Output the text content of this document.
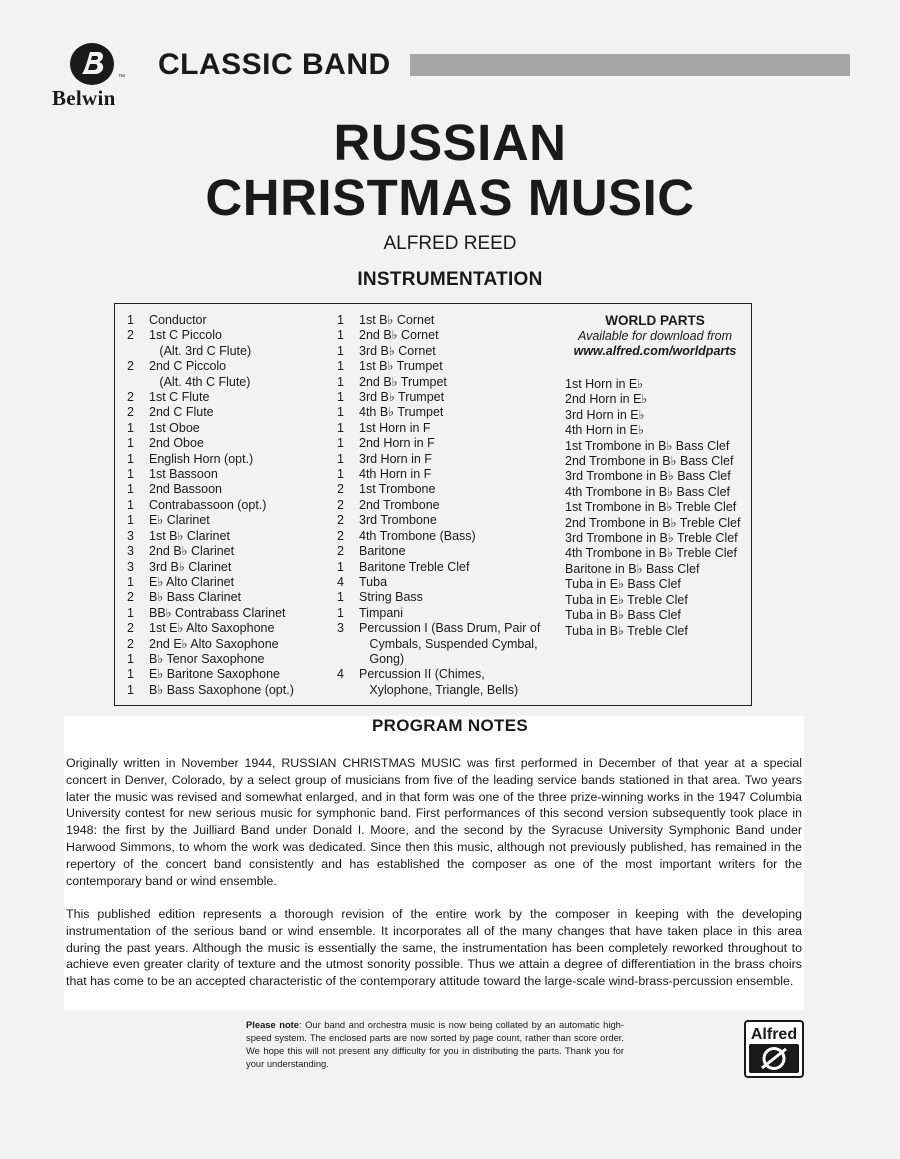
™
Belwin
CLASSIC BAND
RUSSIAN
CHRISTMAS MUSIC
ALFRED REED
INSTRUMENTATION
1	Conductor
2	1st C Piccolo
(Alt. 3rd C Flute)
2	2nd C Piccolo
(Alt. 4th C Flute)
2	1st C Flute
2	2nd C Flute
1	1st Oboe
1	2nd Oboe
1	English Horn (opt.)
1	1st Bassoon
1	2nd Bassoon
1	Contrabassoon (opt.)
1	E♭ Clarinet
3	1st B♭ Clarinet
3	2nd B♭ Clarinet
3	3rd B♭ Clarinet
1	E♭ Alto Clarinet
2	B♭ Bass Clarinet
1	BB♭ Contrabass Clarinet
2	1st E♭ Alto Saxophone
2	2nd E♭ Alto Saxophone
1	B♭ Tenor Saxophone
1	E♭ Baritone Saxophone
1	B♭ Bass Saxophone (opt.)
1	1st B♭ Cornet
1	2nd B♭ Cornet
1	3rd B♭ Cornet
1	1st B♭ Trumpet
1	2nd B♭ Trumpet
1	3rd B♭ Trumpet
1	4th B♭ Trumpet
1	1st Horn in F
1	2nd Horn in F
1	3rd Horn in F
1	4th Horn in F
2	1st Trombone
2	2nd Trombone
2	3rd Trombone
2	4th Trombone (Bass)
2	Baritone
1	Baritone Treble Clef
4	Tuba
1	String Bass
1	Timpani
3	Percussion I (Bass Drum, Pair of
Cymbals, Suspended Cymbal,
Gong)
4	Percussion II (Chimes,
Xylophone, Triangle, Bells)
WORLD PARTS
Available for download from
www.alfred.com/worldparts
1st Horn in E♭
2nd Horn in E♭
3rd Horn in E♭
4th Horn in E♭
1st Trombone in B♭ Bass Clef
2nd Trombone in B♭ Bass Clef
3rd Trombone in B♭ Bass Clef
4th Trombone in B♭ Bass Clef
1st Trombone in B♭ Treble Clef
2nd Trombone in B♭ Treble Clef
3rd Trombone in B♭ Treble Clef
4th Trombone in B♭ Treble Clef
Baritone in B♭ Bass Clef
Tuba in E♭ Bass Clef
Tuba in E♭ Treble Clef
Tuba in B♭ Bass Clef
Tuba in B♭ Treble Clef
PROGRAM NOTES
Originally written in November 1944, RUSSIAN CHRISTMAS MUSIC was first performed in December of that year at a special concert in Denver, Colorado, by a select group of musicians from five of the leading service bands stationed in that area. Two years later the music was revised and somewhat enlarged, and in that form was one of the three prize-winning works in the 1947 Columbia University contest for new serious music for symphonic band. First performances of this second version subsequently took place in 1948: the first by the Juilliard Band under Donald I. Moore, and the second by the Syracuse University Symphonic Band under Harwood Simmons, to whom the work was dedicated. Since then this music, although not previously published, has remained in the repertory of the concert band consistently and has established the composer as one of the most important writers for the contemporary band or wind ensemble.
This published edition represents a thorough revision of the entire work by the composer in keeping with the developing instrumentation of the serious band or wind ensemble. It incorporates all of the many changes that have taken place in this area during the past years. Although the music is essentially the same, the instrumentation has been completely reworked throughout to achieve even greater clarity of texture and the utmost sonority possible. Thus we attain a degree of differentiation in the brass choirs that has come to be an accepted characteristic of the contemporary attitude toward the large-scale wind-brass-percussion ensemble.
Please note: Our band and orchestra music is now being collated by an automatic high-speed system. The enclosed parts are now sorted by page count, rather than score order. We hope this will not present any difficulty for you in distributing the parts. Thank you for your understanding.
Alfred
